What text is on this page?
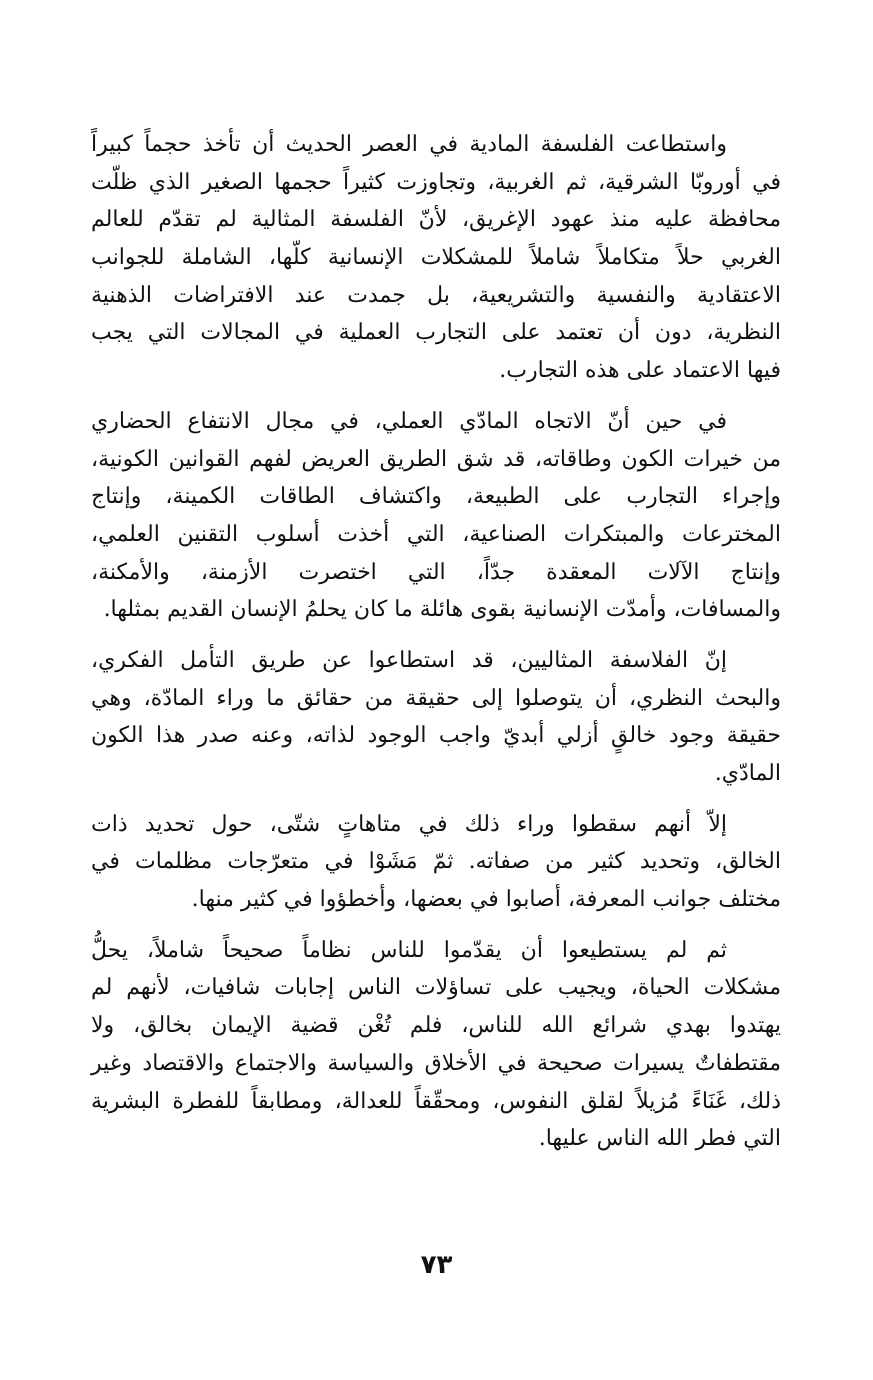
واستطاعت الفلسفة المادية في العصر الحديث أن تأخذ حجماً كبيراً
في أوروبّا الشرقية، ثم الغربية، وتجاوزت كثيراً حجمها الصغير الذي ظلّت
محافظة عليه منذ عهود الإغريق، لأنّ الفلسفة المثالية لم تقدّم للعالم
الغربي حلاً متكاملاً شاملاً للمشكلات الإنسانية كلّها، الشاملة للجوانب
الاعتقادية والنفسية والتشريعية، بل جمدت عند الافتراضات الذهنية
النظرية، دون أن تعتمد على التجارب العملية في المجالات التي يجب
فيها الاعتماد على هذه التجارب.

في حين أنّ الاتجاه المادّي العملي، في مجال الانتفاع الحضاري
من خيرات الكون وطاقاته، قد شق الطريق العريض لفهم القوانين الكونية،
وإجراء التجارب على الطبيعة، واكتشاف الطاقات الكمينة، وإنتاج
المخترعات والمبتكرات الصناعية، التي أخذت أسلوب التقنين العلمي،
وإنتاج الآلات المعقدة جدّاً، التي اختصرت الأزمنة، والأمكنة،
والمسافات، وأمدّت الإنسانية بقوى هائلة ما كان يحلمُ الإنسان القديم بمثلها.

إنّ الفلاسفة المثاليين، قد استطاعوا عن طريق التأمل الفكري،
والبحث النظري، أن يتوصلوا إلى حقيقة من حقائق ما وراء المادّة، وهي
حقيقة وجود خالقٍ أزلي أبديّ واجب الوجود لذاته، وعنه صدر هذا الكون
المادّي.

إلاّ أنهم سقطوا وراء ذلك في متاهاتٍ شتّى، حول تحديد ذات
الخالق، وتحديد كثير من صفاته. ثمّ مَشَوْا في متعرّجات مظلمات في
مختلف جوانب المعرفة، أصابوا في بعضها، وأخطؤوا في كثير منها.

ثم لم يستطيعوا أن يقدّموا للناس نظاماً صحيحاً شاملاً، يحلُّ
مشكلات الحياة، ويجيب على تساؤلات الناس إجابات شافيات، لأنهم لم
يهتدوا بهدي شرائع الله للناس، فلم تُغْن قضية الإيمان بخالق، ولا
مقتطفاتٌ يسيرات صحيحة في الأخلاق والسياسة والاجتماع والاقتصاد وغير
ذلك، غَنَاءً مُزيلاً لقلق النفوس، ومحقّقاً للعدالة، ومطابقاً للفطرة البشرية
التي فطر الله الناس عليها.

٧٣
